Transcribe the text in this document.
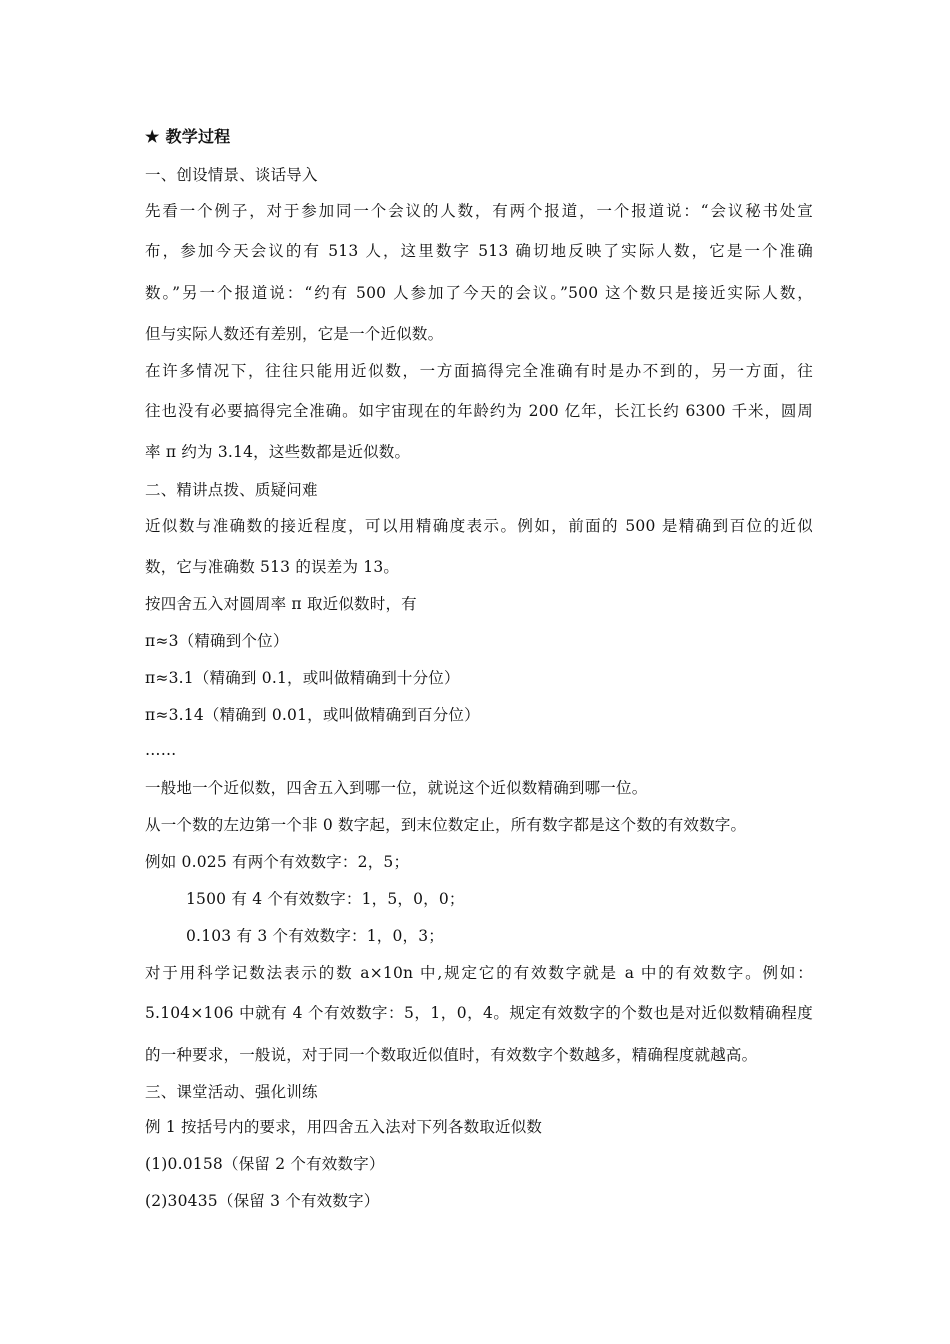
★ 教学过程
一、创设情景、谈话导入
先看一个例子，对于参加同一个会议的人数，有两个报道，一个报道说：“会议秘书处宣
布，参加今天会议的有 513 人，这里数字 513 确切地反映了实际人数，它是一个准确
数。”另一个报道说：“约有 500 人参加了今天的会议。”500 这个数只是接近实际人数，
但与实际人数还有差别，它是一个近似数。
在许多情况下，往往只能用近似数，一方面搞得完全准确有时是办不到的，另一方面，往
往也没有必要搞得完全准确。如宇宙现在的年龄约为 200 亿年，长江长约 6300 千米，圆周
率 π 约为 3.14，这些数都是近似数。
二、精讲点拨、质疑问难
近似数与准确数的接近程度，可以用精确度表示。例如，前面的 500 是精确到百位的近似
数，它与准确数 513 的误差为 13。
按四舍五入对圆周率 π 取近似数时，有
π≈3（精确到个位）
π≈3.1（精确到 0.1，或叫做精确到十分位）
π≈3.14（精确到 0.01，或叫做精确到百分位）
……
一般地一个近似数，四舍五入到哪一位，就说这个近似数精确到哪一位。
从一个数的左边第一个非 0 数字起，到末位数定止，所有数字都是这个数的有效数字。
例如 0.025 有两个有效数字：2，5；
1500 有 4 个有效数字：1，5，0，0；
0.103 有 3 个有效数字：1，0，3；
对于用科学记数法表示的数 a×10n 中,规定它的有效数字就是 a 中的有效数字。例如：
5.104×106 中就有 4 个有效数字：5，1，0，4。规定有效数字的个数也是对近似数精确程度
的一种要求，一般说，对于同一个数取近似值时，有效数字个数越多，精确程度就越高。
三、课堂活动、强化训练
例 1 按括号内的要求，用四舍五入法对下列各数取近似数
(1)0.0158（保留 2 个有效数字）
(2)30435（保留 3 个有效数字）
